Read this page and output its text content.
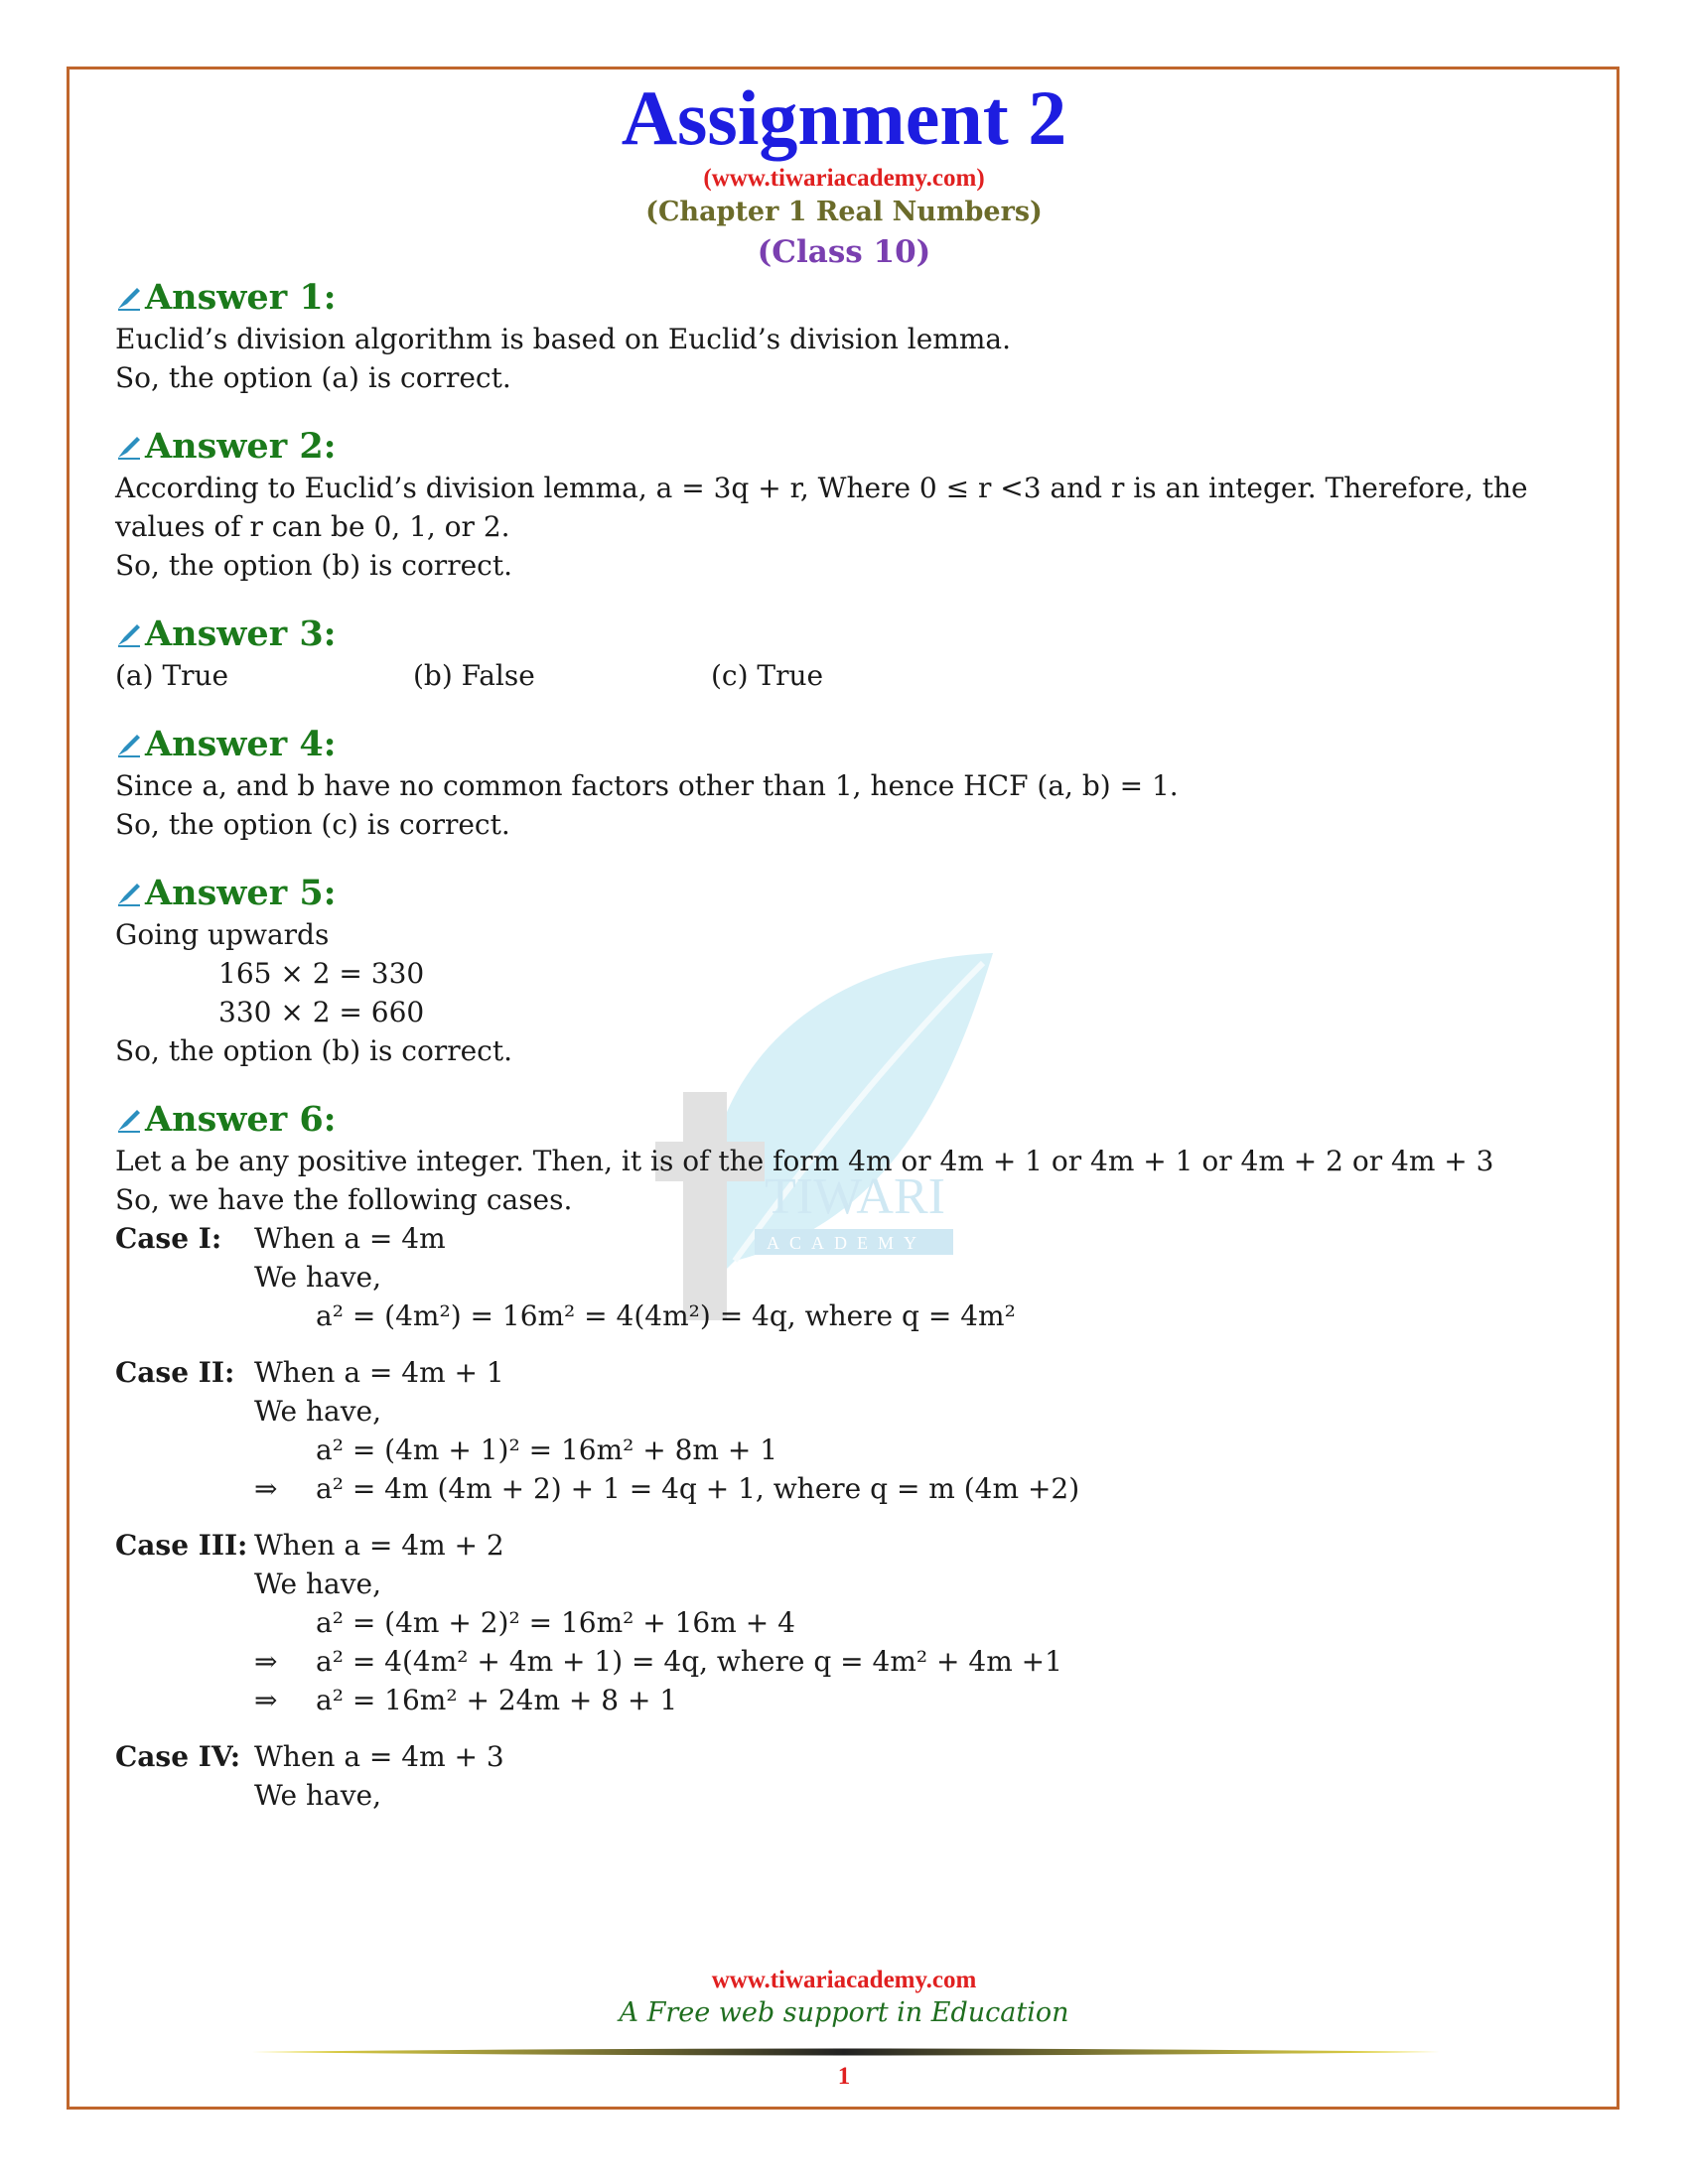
TIWARI
ACADEMY
Assignment 2
(www.tiwariacademy.com)
(Chapter 1 Real Numbers)
(Class 10)
Answer 1:
Euclid’s division algorithm is based on Euclid’s division lemma.
So, the option (a) is correct.
Answer 2:
According to Euclid’s division lemma, a = 3q + r, Where 0 ≤ r <3 and r is an integer. Therefore, the values of r can be 0, 1, or 2.
So, the option (b) is correct.
Answer 3:
(a) True	(b) False	(c) True
Answer 4:
Since a, and b have no common factors other than 1, hence HCF (a, b) = 1.
So, the option (c) is correct.
Answer 5:
Going upwards
165 × 2 = 330
330 × 2 = 660
So, the option (b) is correct.
Answer 6:
Let a be any positive integer. Then, it is of the form 4m or 4m + 1 or 4m + 1 or 4m + 2 or 4m + 3
So, we have the following cases.
Case I:	When a = 4m
We have,
a² = (4m²) = 16m² = 4(4m²) = 4q, where q = 4m²
Case II: When a = 4m + 1
We have,
a² = (4m + 1)² = 16m² + 8m + 1
⇒	a² = 4m (4m + 2) + 1 = 4q + 1, where q = m (4m +2)
Case III: When a = 4m + 2
We have,
a² = (4m + 2)² = 16m² + 16m + 4
⇒	a² = 4(4m² + 4m + 1) = 4q, where q = 4m² + 4m +1
⇒	a² = 16m² + 24m + 8 + 1
Case IV: When a = 4m + 3
We have,
www.tiwariacademy.com
A Free web support in Education
1
